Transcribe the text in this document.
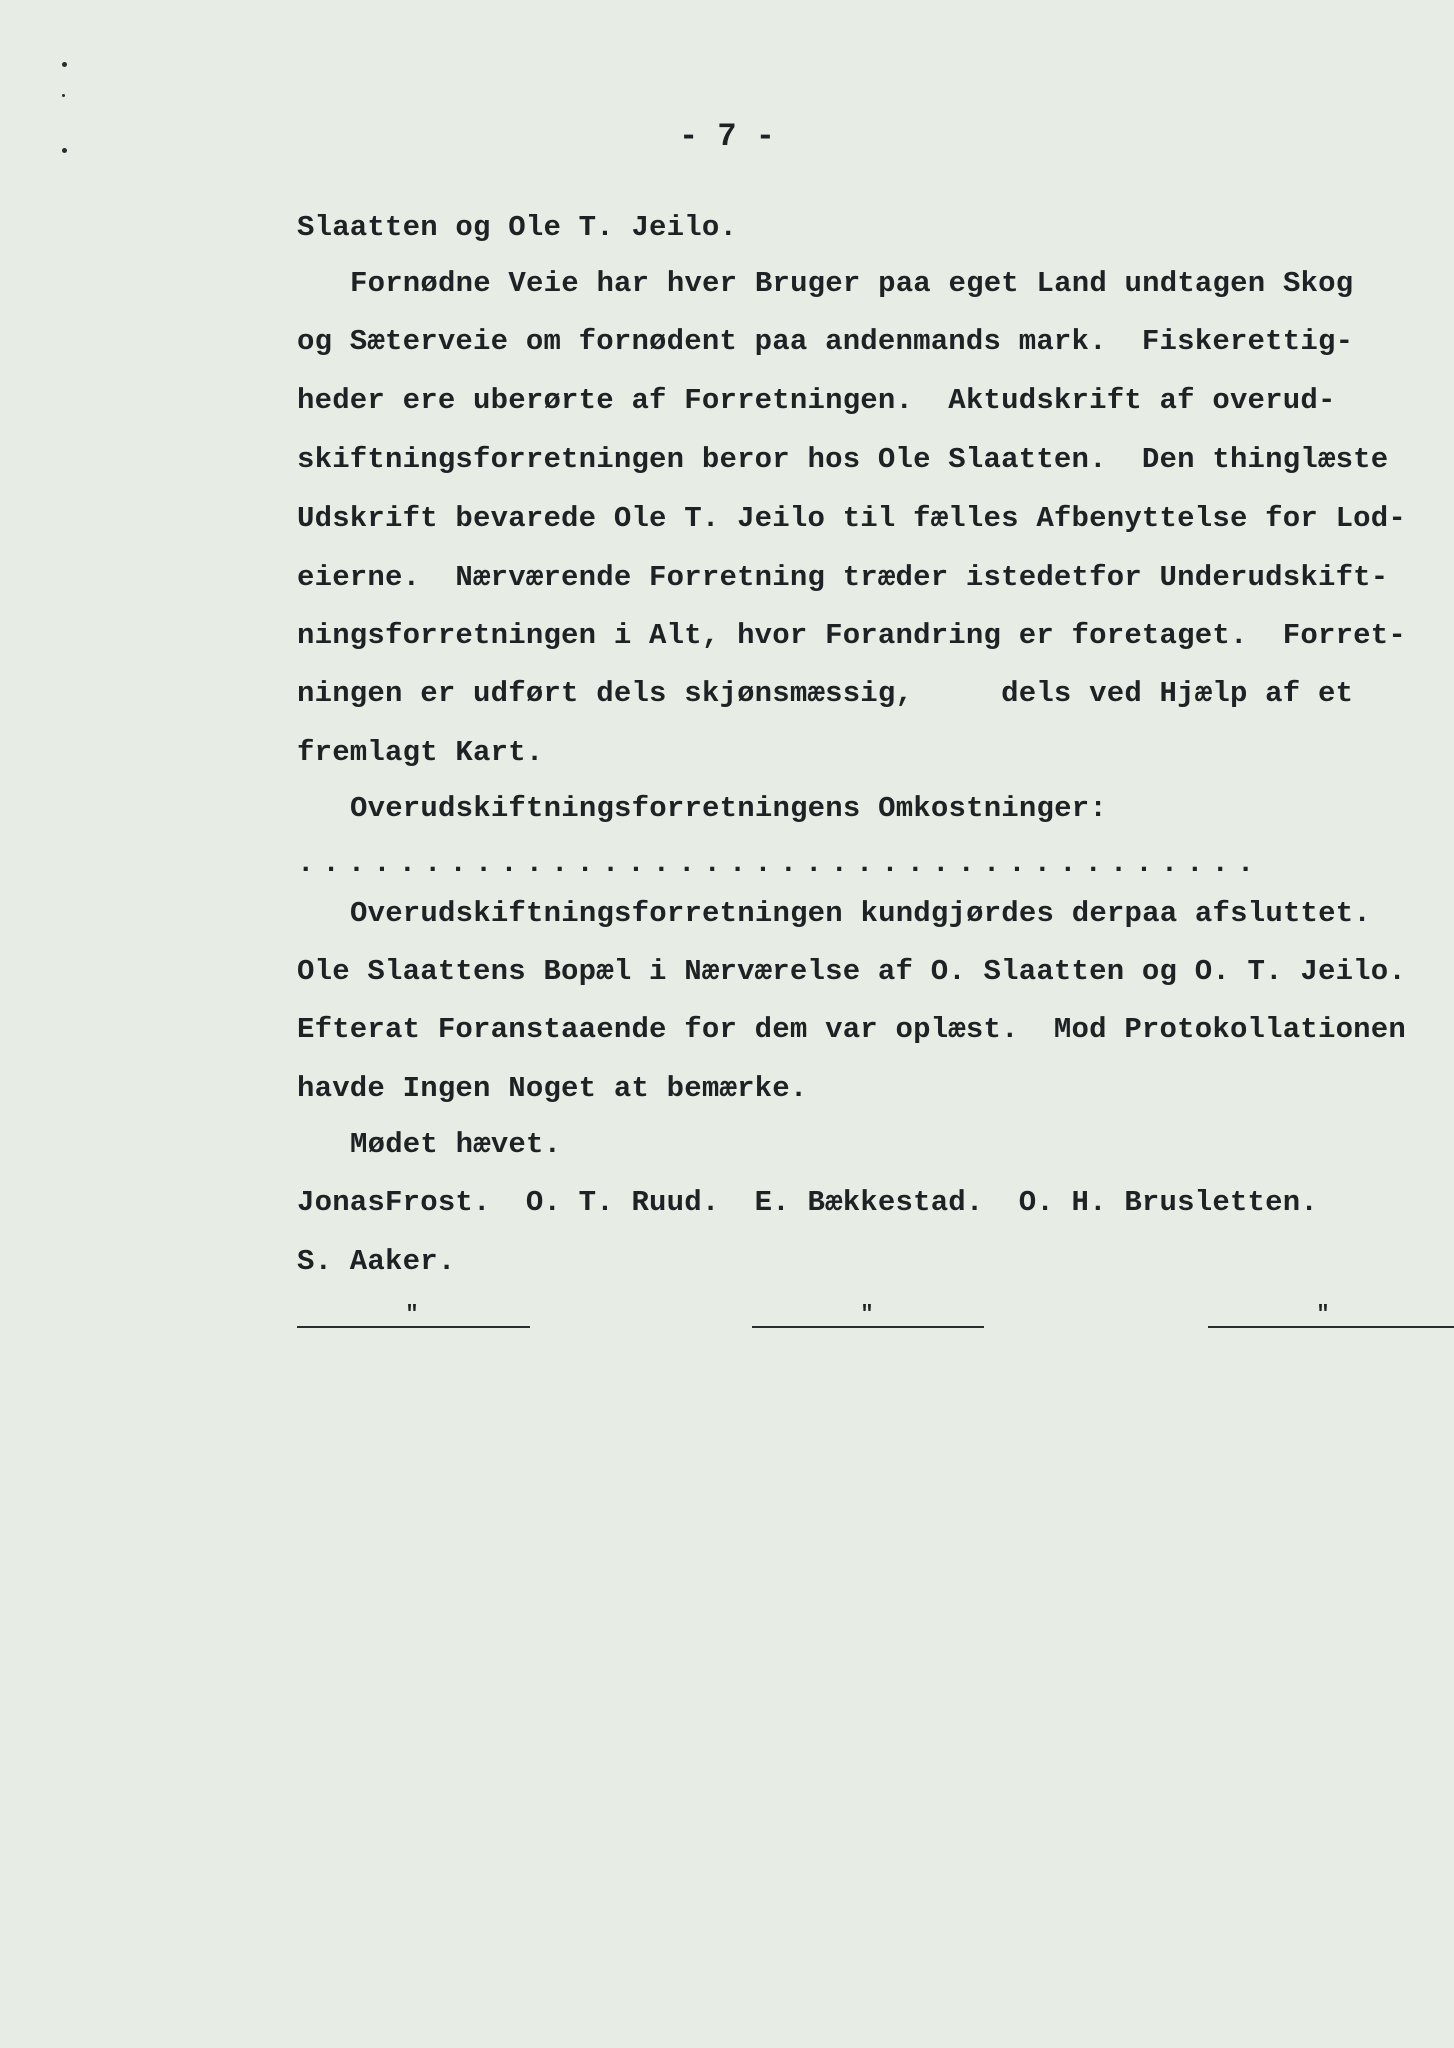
- 7 -
Slaatten og Ole T. Jeilo.
Fornødne Veie har hver Bruger paa eget Land undtagen Skog
og Sæterveie om fornødent paa andenmands mark.  Fiskerettig-
heder ere uberørte af Forretningen.  Aktudskrift af overud-
skiftningsforretningen beror hos Ole Slaatten.  Den thinglæste
Udskrift bevarede Ole T. Jeilo til fælles Afbenyttelse for Lod-
eierne.  Nærværende Forretning træder istedetfor Underudskift-
ningsforretningen i Alt, hvor Forandring er foretaget.  Forret-
ningen er udført dels skjønsmæssig,     dels ved Hjælp af et
fremlagt Kart.
Overudskiftningsforretningens Omkostninger:
......................................
Overudskiftningsforretningen kundgjørdes derpaa afsluttet.
Ole Slaattens Bopæl i Nærværelse af O. Slaatten og O. T. Jeilo.
Efterat Foranstaaende for dem var oplæst.  Mod Protokollationen
havde Ingen Noget at bemærke.
Mødet hævet.
JonasFrost.  O. T. Ruud.  E. Bækkestad.  O. H. Brusletten.
S. Aaker.
"	"	"
